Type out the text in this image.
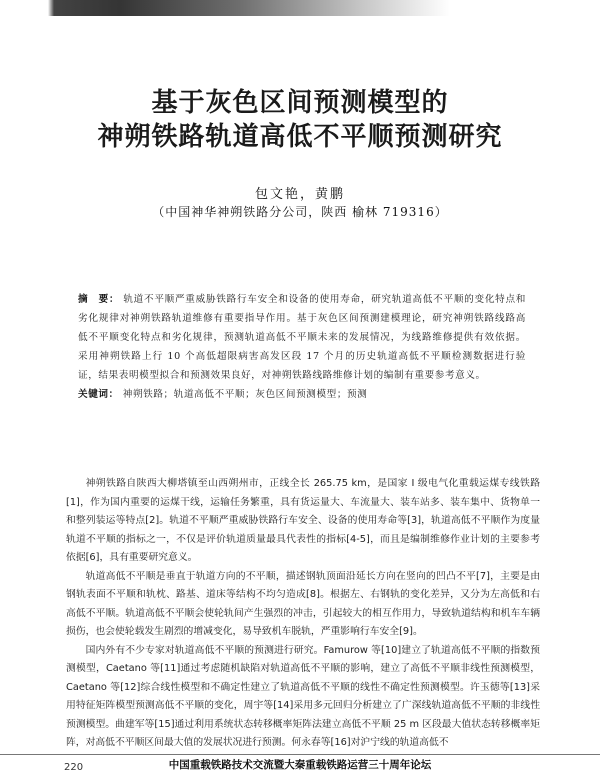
基于灰色区间预测模型的
神朔铁路轨道高低不平顺预测研究
包文艳，黄鹏
（中国神华神朔铁路分公司，陕西 榆林 719316）
摘　要： 轨道不平顺严重威胁铁路行车安全和设备的使用寿命，研究轨道高低不平顺的变化特点和劣化规律对神朔铁路轨道维修有重要指导作用。基于灰色区间预测建模理论，研究神朔铁路线路高低不平顺变化特点和劣化规律，预测轨道高低不平顺未来的发展情况，为线路维修提供有效依据。采用神朔铁路上行 10 个高低超限病害高发区段 17 个月的历史轨道高低不平顺检测数据进行验证，结果表明模型拟合和预测效果良好，对神朔铁路线路维修计划的编制有重要参考意义。
关键词： 神朔铁路；轨道高低不平顺；灰色区间预测模型；预测

神朔铁路自陕西大柳塔镇至山西朔州市，正线全长 265.75 km，是国家 I 级电气化重载运煤专线铁路[1]，作为国内重要的运煤干线，运输任务繁重，具有货运量大、车流量大、装车站多、装车集中、货物单一和整列装运等特点[2]。轨道不平顺严重威胁铁路行车安全、设备的使用寿命等[3]，轨道高低不平顺作为度量轨道不平顺的指标之一，不仅是评价轨道质量最具代表性的指标[4-5]，而且是编制维修作业计划的主要参考依据[6]，具有重要研究意义。

轨道高低不平顺是垂直于轨道方向的不平顺，描述钢轨顶面沿延长方向在竖向的凹凸不平[7]，主要是由钢轨表面不平顺和轨枕、路基、道床等结构不均匀造成[8]。根据左、右钢轨的变化差异，又分为左高低和右高低不平顺。轨道高低不平顺会使轮轨间产生强烈的冲击，引起较大的相互作用力，导致轨道结构和机车车辆损伤，也会使轮载发生剧烈的增减变化，易导致机车脱轨，严重影响行车安全[9]。

国内外有不少专家对轨道高低不平顺的预测进行研究。Famurow 等[10]建立了轨道高低不平顺的指数预测模型，Caetano 等[11]通过考虑随机缺陷对轨道高低不平顺的影响，建立了高低不平顺非线性预测模型，Caetano 等[12]综合线性模型和不确定性建立了轨道高低不平顺的线性不确定性预测模型。许玉德等[13]采用特征矩阵模型预测高低不平顺的变化，周宇等[14]采用多元回归分析建立了广深线轨道高低不平顺的非线性预测模型。曲建军等[15]通过利用系统状态转移概率矩阵法建立高低不平顺 25 m 区段最大值状态转移概率矩阵，对高低不平顺区间最大值的发展状况进行预测。何永春等[16]对沪宁线的轨道高低不

中国重载铁路技术交流暨大秦重载铁路运营三十周年论坛
220
